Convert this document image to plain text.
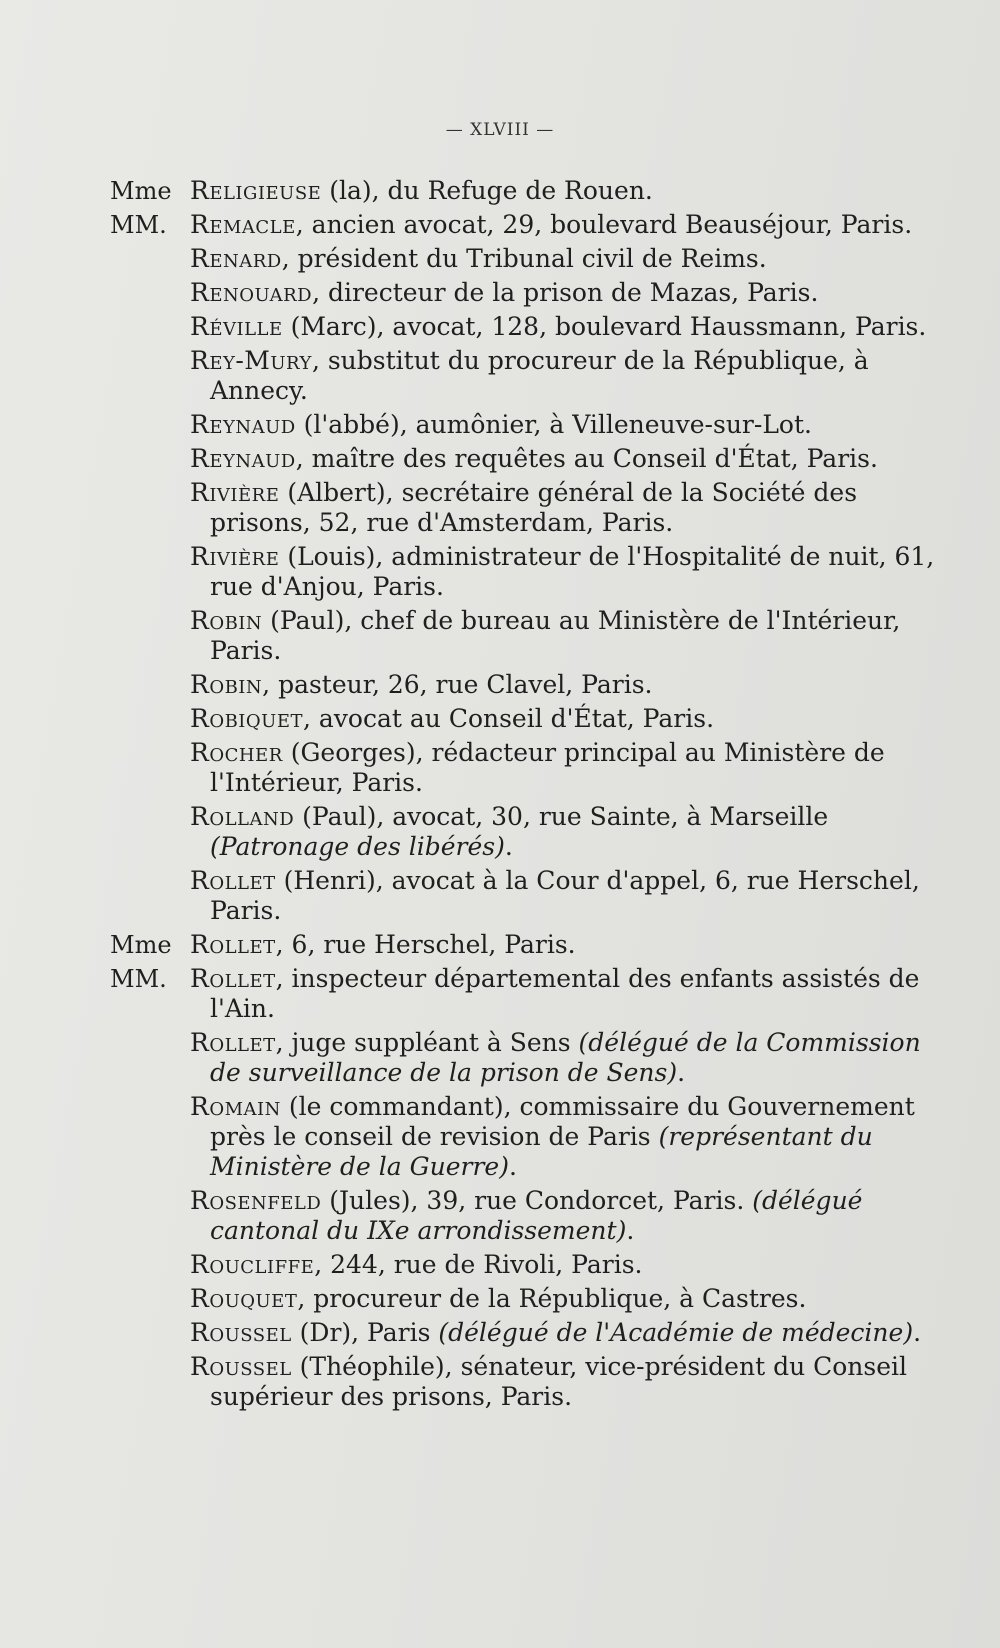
— XLVIII —
Mme Religieuse (la), du Refuge de Rouen.
MM. Remacle, ancien avocat, 29, boulevard Beauséjour, Paris.
Renard, président du Tribunal civil de Reims.
Renouard, directeur de la prison de Mazas, Paris.
Réville (Marc), avocat, 128, boulevard Haussmann, Paris.
Rey-Mury, substitut du procureur de la République, à Annecy.
Reynaud (l'abbé), aumônier, à Villeneuve-sur-Lot.
Reynaud, maître des requêtes au Conseil d'État, Paris.
Rivière (Albert), secrétaire général de la Société des prisons, 52, rue d'Amsterdam, Paris.
Rivière (Louis), administrateur de l'Hospitalité de nuit, 61, rue d'Anjou, Paris.
Robin (Paul), chef de bureau au Ministère de l'Intérieur, Paris.
Robin, pasteur, 26, rue Clavel, Paris.
Robiquet, avocat au Conseil d'État, Paris.
Rocher (Georges), rédacteur principal au Ministère de l'Intérieur, Paris.
Rolland (Paul), avocat, 30, rue Sainte, à Marseille (Patronage des libérés).
Rollet (Henri), avocat à la Cour d'appel, 6, rue Herschel, Paris.
Mme Rollet, 6, rue Herschel, Paris.
MM. Rollet, inspecteur départemental des enfants assistés de l'Ain.
Rollet, juge suppléant à Sens (délégué de la Commission de surveillance de la prison de Sens).
Romain (le commandant), commissaire du Gouvernement près le conseil de revision de Paris (représentant du Ministère de la Guerre).
Rosenfeld (Jules), 39, rue Condorcet, Paris. (délégué cantonal du IXe arrondissement).
Roucliffe, 244, rue de Rivoli, Paris.
Rouquet, procureur de la République, à Castres.
Roussel (Dr), Paris (délégué de l'Académie de médecine).
Roussel (Théophile), sénateur, vice-président du Conseil supérieur des prisons, Paris.
